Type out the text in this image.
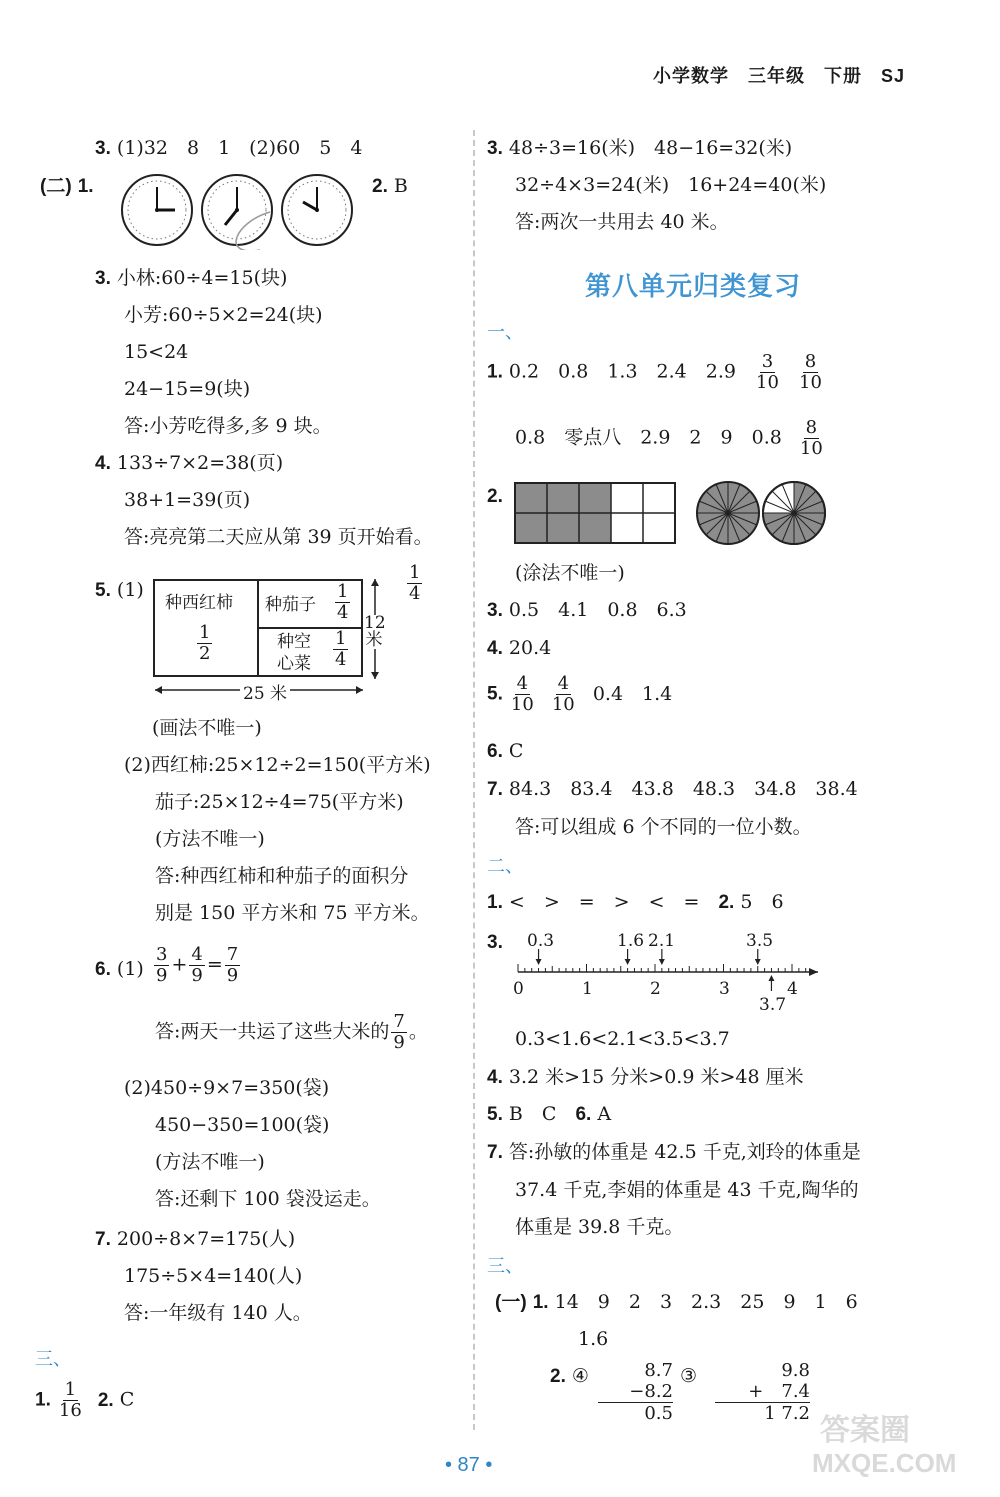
小学数学　三年级　下册　SJ
3. (1)32　8　1　(2)60　5　4
(二) 1.	2. B
3. 小林:60÷4=15(块)
小芳:60÷5×2=24(块)
15<24
24−15=9(块)
答:小芳吃得多,多 9 块。
4. 133÷7×2=38(页)
38+1=39(页)
答:亮亮第二天应从第 39 页开始看。
5. (1)
种西红柿
$\frac{1}{2}$
种茄子 $\frac{1}{4}$
种空
心菜 $\frac{1}{4}$
25 米
12米
$\frac{1}{4}$
(画法不唯一)
(2)西红柿:25×12÷2=150(平方米)
茄子:25×12÷4=75(平方米)
(方法不唯一)
答:种西红柿和种茄子的面积分
别是 150 平方米和 75 平方米。
6. $(1) \frac{3}{9} + \frac{4}{9} = \frac{7}{9}$
答:两天一共运了这些大米的 $\frac{7}{9}$ 。
(2)450÷9×7=350(袋)
450−350=100(袋)
(方法不唯一)
答:还剩下 100 袋没运走。
7. 200÷8×7=175(人)
175÷5×4=140(人)
答:一年级有 140 人。
三、
1. $\frac{1}{16} 2$. C
3. 48÷3=16(米)　48−16=32(米)
32÷4×3=24(米)　16+24=40(米)
答:两次一共用去 40 米。
第八单元归类复习
一、
1. 0.2　0.8　1.3　2.4　$2.9 \frac{3}{10}$
$\frac{8}{10}$
0.8　零点八　2.9　2　9　$0.8 \frac{8}{10}$
2.
(涂法不唯一)
3. 0.5　4.1　0.8　6.3
4. 20.4
5. $\frac{4}{10}$
$\frac{4}{10} 0.4$　1.4
6. C
7. 84.3　83.4　43.8　48.3　34.8　38.4
答:可以组成 6 个不同的一位小数。
二、
1. <　>　=　>　<　=　 2. 5　6
3. 0.3	1.6 2.1	3.5
0	1	2	3	4
3.7
0.3<1.6<2.1<3.5<3.7
4. 3.2 米>15 分米>0.9 米>48 厘米
5. B　C　 6. A
7. 答:孙敏的体重是 42.5 千克,刘玲的体重是
37.4 千克,李娟的体重是 43 千克,陶华的
体重是 39.8 千克。
三、
(一) 1. 14　9　2　3　2.3　25　9　1　6
1.6
2. ④	8.7
−8.2
0.5
③	9.8
+　7.4
1 7.2
• 87 •
答案圈
MXQE.COM
